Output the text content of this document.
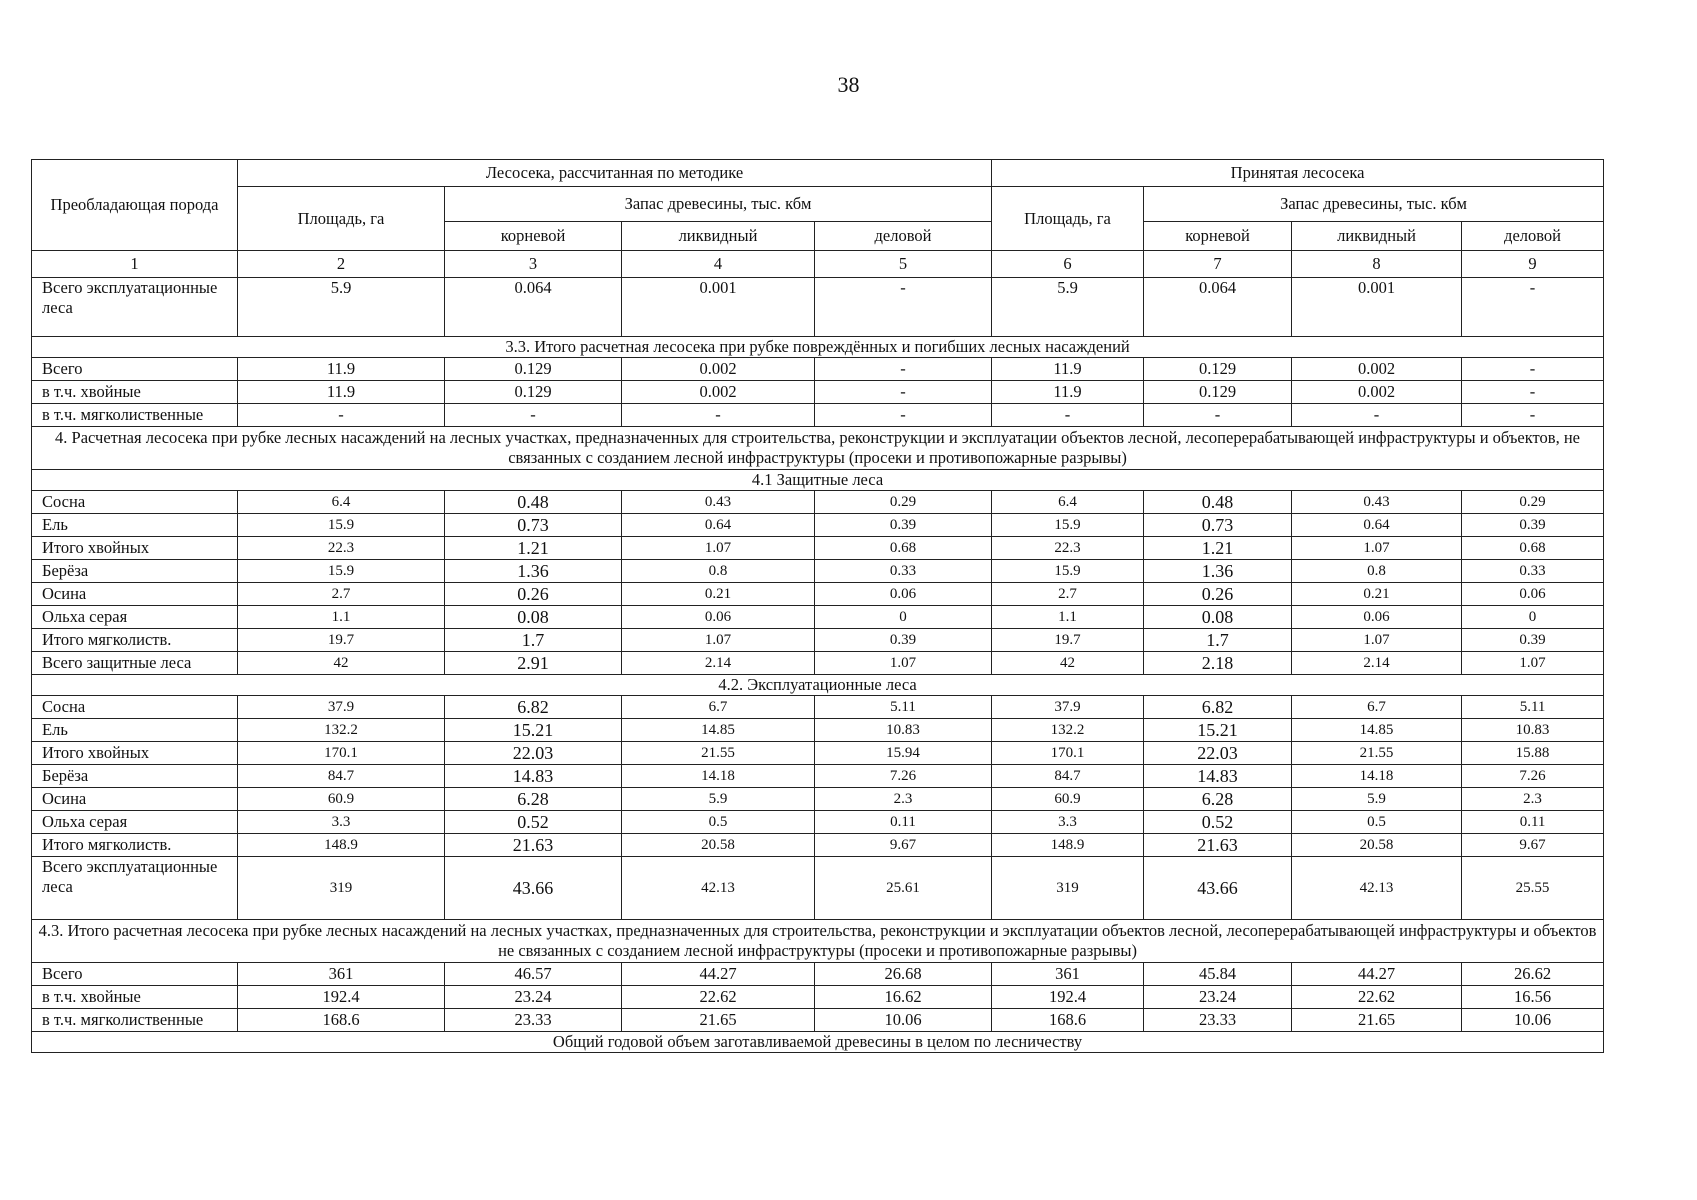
38
Преобладающая порода	Лесосека, рассчитанная по методике				Принятая лесосека			
	Площадь, га	Запас древесины, тыс. кбм			Площадь, га	Запас древесины, тыс. кбм		
		корневой	ликвидный	деловой		корневой	ликвидный	деловой
1	2	3	4	5	6	7	8	9
Всего эксплуатационные леса	5.9	0.064	0.001	-	5.9	0.064	0.001	-
3.3. Итого расчетная лесосека при рубке повреждённых и погибших лесных насаждений								
Всего	11.9	0.129	0.002	-	11.9	0.129	0.002	-
в т.ч. хвойные	11.9	0.129	0.002	-	11.9	0.129	0.002	-
в т.ч. мягколиственные	-	-	-	-	-	-	-	-
4. Расчетная лесосека при рубке лесных насаждений на лесных участках, предназначенных для строительства, реконструкции и эксплуатации объектов лесной, лесоперерабатывающей инфраструктуры и объектов, не связанных с созданием лесной инфраструктуры (просеки и противопожарные разрывы)								
4.1 Защитные леса								
Сосна	6.4	0.48	0.43	0.29	6.4	0.48	0.43	0.29
Ель	15.9	0.73	0.64	0.39	15.9	0.73	0.64	0.39
Итого хвойных	22.3	1.21	1.07	0.68	22.3	1.21	1.07	0.68
Берёза	15.9	1.36	0.8	0.33	15.9	1.36	0.8	0.33
Осина	2.7	0.26	0.21	0.06	2.7	0.26	0.21	0.06
Ольха серая	1.1	0.08	0.06	0	1.1	0.08	0.06	0
Итого мягколиств.	19.7	1.7	1.07	0.39	19.7	1.7	1.07	0.39
Всего защитные леса	42	2.91	2.14	1.07	42	2.18	2.14	1.07
4.2. Эксплуатационные леса								
Сосна	37.9	6.82	6.7	5.11	37.9	6.82	6.7	5.11
Ель	132.2	15.21	14.85	10.83	132.2	15.21	14.85	10.83
Итого хвойных	170.1	22.03	21.55	15.94	170.1	22.03	21.55	15.88
Берёза	84.7	14.83	14.18	7.26	84.7	14.83	14.18	7.26
Осина	60.9	6.28	5.9	2.3	60.9	6.28	5.9	2.3
Ольха серая	3.3	0.52	0.5	0.11	3.3	0.52	0.5	0.11
Итого мягколиств.	148.9	21.63	20.58	9.67	148.9	21.63	20.58	9.67
Всего эксплуатационные леса	319	43.66	42.13	25.61	319	43.66	42.13	25.55
4.3. Итого расчетная лесосека при рубке лесных насаждений на лесных участках, предназначенных для строительства, реконструкции и эксплуатации объектов лесной, лесоперерабатывающей инфраструктуры и объектов не связанных с созданием лесной инфраструктуры (просеки и противопожарные разрывы)								
Всего	361	46.57	44.27	26.68	361	45.84	44.27	26.62
в т.ч. хвойные	192.4	23.24	22.62	16.62	192.4	23.24	22.62	16.56
в т.ч. мягколиственные	168.6	23.33	21.65	10.06	168.6	23.33	21.65	10.06
Общий годовой объем заготавливаемой древесины в целом по лесничеству								
